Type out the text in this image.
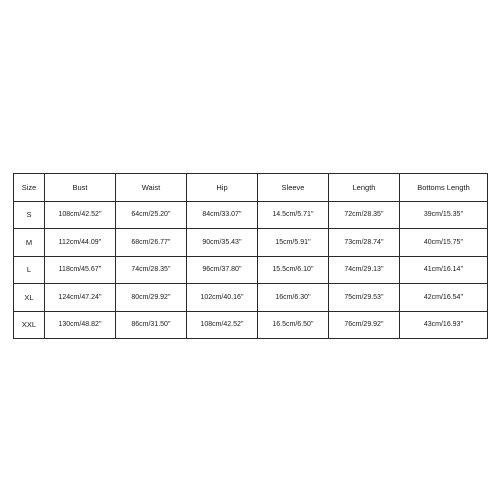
Size	Bust	Waist	Hip	Sleeve	Length	Bottoms Length
S	108cm/42.52''	64cm/25.20''	84cm/33.07''	14.5cm/5.71''	72cm/28.35''	39cm/15.35''
M	112cm/44.09''	68cm/26.77''	90cm/35.43''	15cm/5.91''	73cm/28.74''	40cm/15.75''
L	118cm/45.67''	74cm/28.35''	96cm/37.80''	15.5cm/6.10''	74cm/29.13''	41cm/16.14''
XL	124cm/47.24''	80cm/29.92''	102cm/40.16''	16cm/6.30''	75cm/29.53''	42cm/16.54''
XXL	130cm/48.82''	86cm/31.50''	108cm/42.52''	16.5cm/6.50''	76cm/29.92''	43cm/16.93''
